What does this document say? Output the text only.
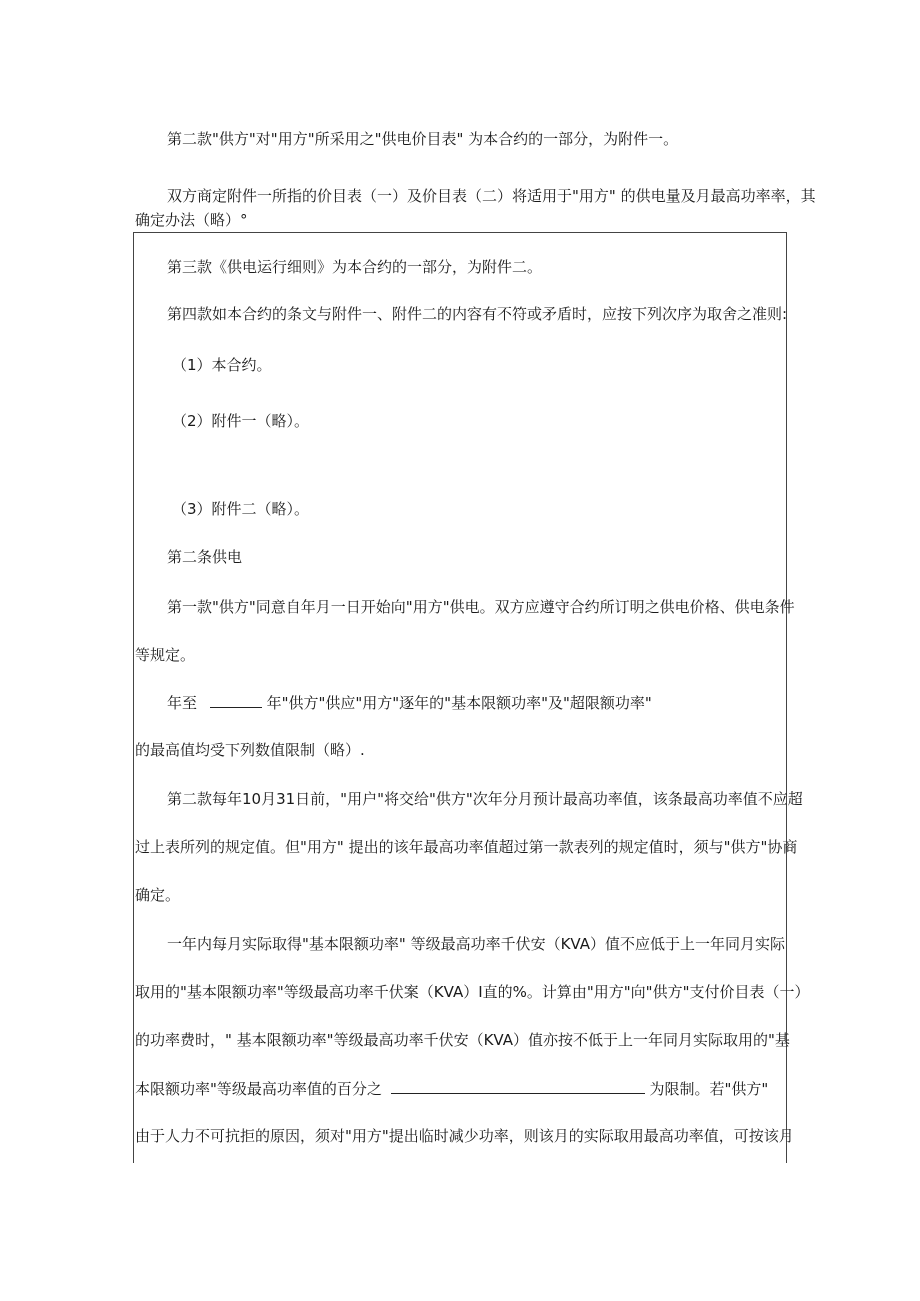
第二款"供方"对"用方"所采用之"供电价目表" 为本合约的一部分，为附件一。

双方商定附件一所指的价目表（一）及价目表（二）将适用于"用方" 的供电量及月最高功率率，其

确定办法（略）°

第三款《供电运行细则》为本合约的一部分，为附件二。

第四款如本合约的条文与附件一、附件二的内容有不符或矛盾时，应按下列次序为取舍之准则:

（1）本合约。

（2）附件一（略）。

（3）附件二（略）。

第二条供电

第一款"供方"同意自年月一日开始向"用方"供电。双方应遵守合约所订明之供电价格、供电条件

等规定。

年至	年"供方"供应"用方"逐年的"基本限额功率"及"超限额功率"

的最高值均受下列数值限制（略）.

第二款每年10月31日前，"用户"将交给"供方"次年分月预计最高功率值，该条最高功率值不应超

过上表所列的规定值。但"用方" 提出的该年最高功率值超过第一款表列的规定值时，须与"供方"协商

确定。

一年内每月实际取得"基本限额功率" 等级最高功率千伏安（KVA）值不应低于上一年同月实际

取用的"基本限额功率"等级最高功率千伏案（KVA）I直的%。计算由"用方"向"供方"支付价目表（一）

的功率费时，" 基本限额功率"等级最高功率千伏安（KVA）值亦按不低于上一年同月实际取用的"基

本限额功率"等级最高功率值的百分之	为限制。若"供方"

由于人力不可抗拒的原因，须对"用方"提出临时减少功率，则该月的实际取用最高功率值，可按该月
